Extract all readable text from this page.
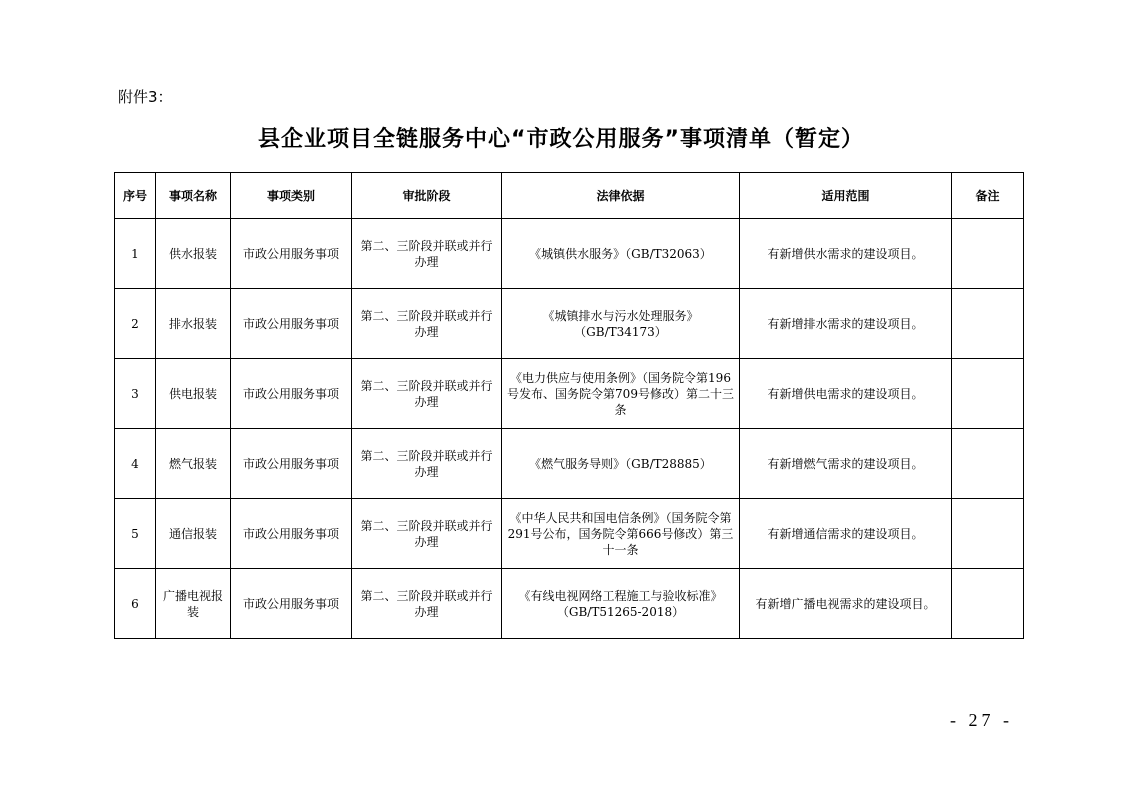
附件3：
县企业项目全链服务中心“市政公用服务”事项清单（暂定）
序号	事项名称	事项类别	审批阶段	法律依据	适用范围	备注
1	供水报装	市政公用服务事项	第二、三阶段并联或并行办理	《城镇供水服务》（GB/T32063）	有新增供水需求的建设项目。	
2	排水报装	市政公用服务事项	第二、三阶段并联或并行办理	《城镇排水与污水处理服务》（GB/T34173）	有新增排水需求的建设项目。	
3	供电报装	市政公用服务事项	第二、三阶段并联或并行办理	《电力供应与使用条例》（国务院令第196号发布、国务院令第709号修改）第二十三条	有新增供电需求的建设项目。	
4	燃气报装	市政公用服务事项	第二、三阶段并联或并行办理	《燃气服务导则》（GB/T28885）	有新增燃气需求的建设项目。	
5	通信报装	市政公用服务事项	第二、三阶段并联或并行办理	《中华人民共和国电信条例》（国务院令第291号公布，国务院令第666号修改）第三十一条	有新增通信需求的建设项目。	
6	广播电视报装	市政公用服务事项	第二、三阶段并联或并行办理	《有线电视网络工程施工与验收标准》（GB/T51265-2018）	有新增广播电视需求的建设项目。	
- 27 -
